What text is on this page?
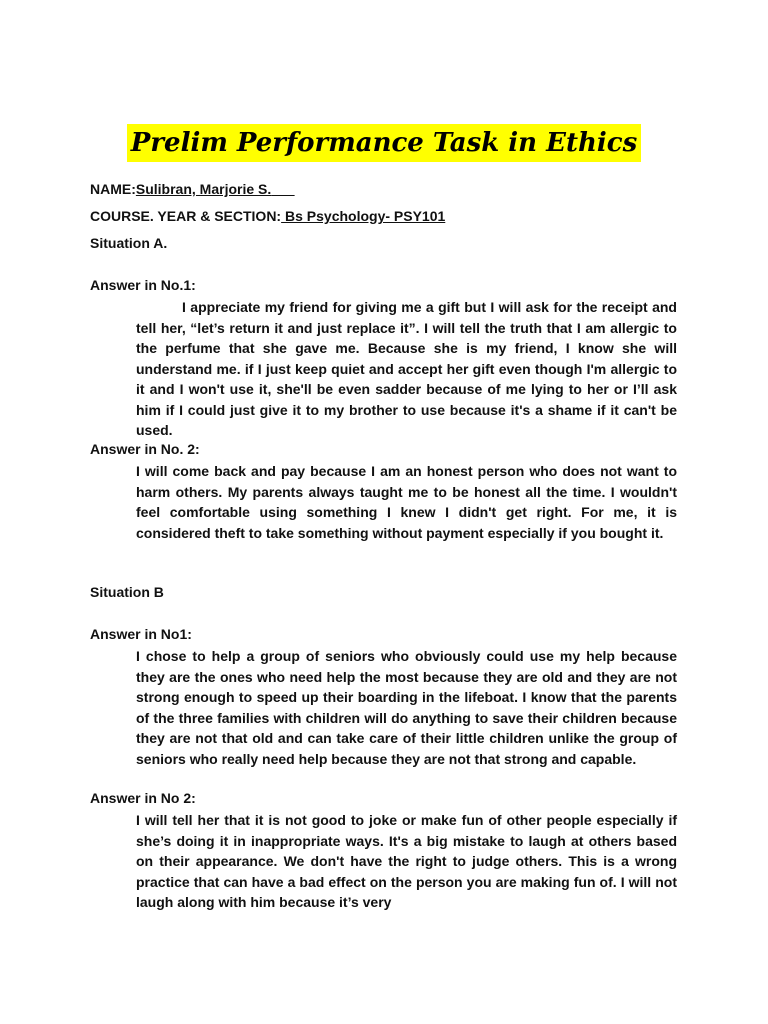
Prelim Performance Task in Ethics
NAME:Sulibran, Marjorie S.
COURSE. YEAR & SECTION: Bs Psychology- PSY101
Situation A.
Answer in No.1:
I appreciate my friend for giving me a gift but I will ask for the receipt and tell her, “let’s return it and just replace it”. I will tell the truth that I am allergic to the perfume that she gave me. Because she is my friend, I know she will understand me. if I just keep quiet and accept her gift even though I'm allergic to it and I won't use it, she'll be even sadder because of me lying to her or I’ll ask him if I could just give it to my brother to use because it's a shame if it can't be used.
Answer in No. 2:
I will come back and pay because I am an honest person who does not want to harm others. My parents always taught me to be honest all the time. I wouldn't feel comfortable using something I knew I didn't get right. For me, it is considered theft to take something without payment especially if you bought it.
Situation B
Answer in No1:
I chose to help a group of seniors who obviously could use my help because they are the ones who need help the most because they are old and they are not strong enough to speed up their boarding in the lifeboat. I know that the parents of the three families with children will do anything to save their children because they are not that old and can take care of their little children unlike the group of seniors who really need help because they are not that strong and capable.
Answer in No 2:
I will tell her that it is not good to joke or make fun of other people especially if she’s doing it in inappropriate ways. It's a big mistake to laugh at others based on their appearance. We don't have the right to judge others. This is a wrong practice that can have a bad effect on the person you are making fun of. I will not laugh along with him because it’s very
